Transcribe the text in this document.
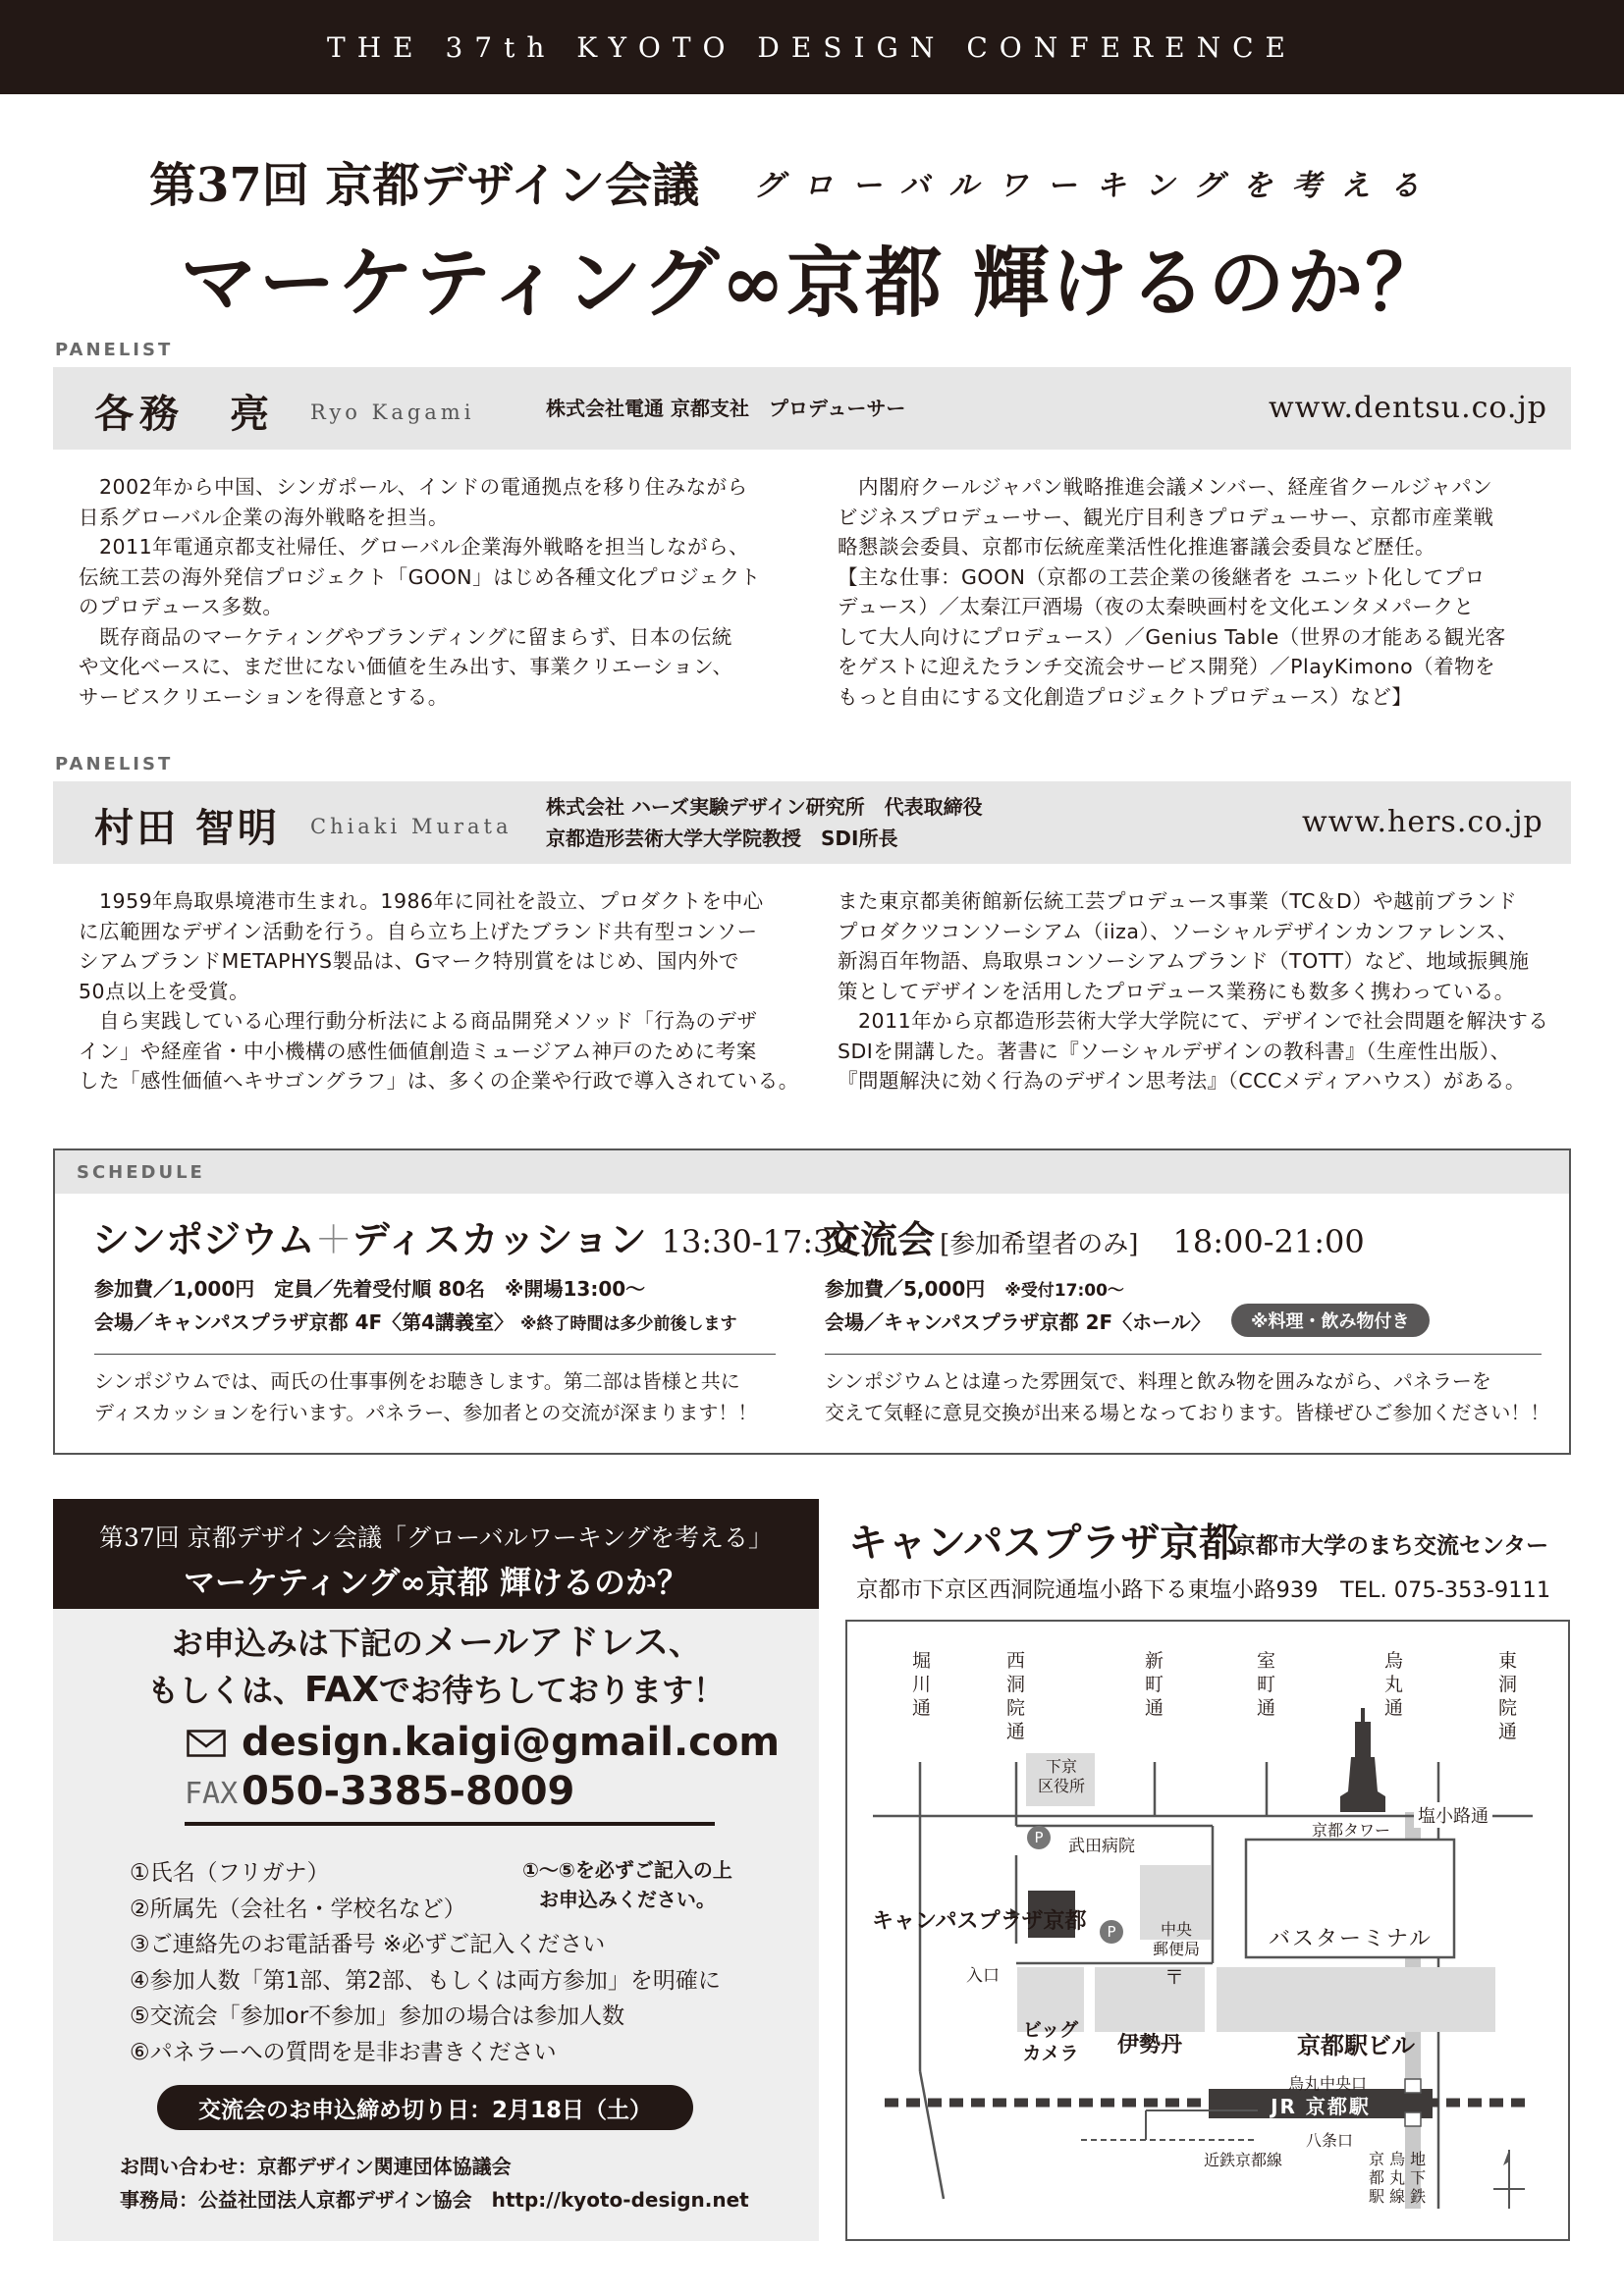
THE 37th KYOTO DESIGN CONFERENCE
第37回 京都デザイン会議 グローバルワーキングを考える
マーケティング∞京都 輝けるのか？
PANELIST
各務　亮 Ryo Kagami	株式会社電通 京都支社　プロデューサー	www.dentsu.co.jp
　2002年から中国、シンガポール、インドの電通拠点を移り住みながら
日系グローバル企業の海外戦略を担当。
　2011年電通京都支社帰任、グローバル企業海外戦略を担当しながら、
伝統工芸の海外発信プロジェクト「GOON」はじめ各種文化プロジェクト
のプロデュース多数。
　既存商品のマーケティングやブランディングに留まらず、日本の伝統
や文化ベースに、まだ世にない価値を生み出す、事業クリエーション、
サービスクリエーションを得意とする。
　内閣府クールジャパン戦略推進会議メンバー、経産省クールジャパン
ビジネスプロデューサー、観光庁目利きプロデューサー、京都市産業戦
略懇談会委員、京都市伝統産業活性化推進審議会委員など歴任。
【主な仕事：GOON（京都の工芸企業の後継者を ユニット化してプロ
デュース）／太秦江戸酒場（夜の太秦映画村を文化エンタメパークと
して大人向けにプロデュース）／Genius Table（世界の才能ある観光客
をゲストに迎えたランチ交流会サービス開発）／PlayKimono（着物を
もっと自由にする文化創造プロジェクトプロデュース）など】
PANELIST
村田 智明 Chiaki Murata
株式会社 ハーズ実験デザイン研究所　代表取締役
京都造形芸術大学大学院教授　SDI所長	www.hers.co.jp
　1959年鳥取県境港市生まれ。1986年に同社を設立、プロダクトを中心
に広範囲なデザイン活動を行う。自ら立ち上げたブランド共有型コンソー
シアムブランドMETAPHYS製品は、Gマーク特別賞をはじめ、国内外で
50点以上を受賞。
　自ら実践している心理行動分析法による商品開発メソッド「行為のデザ
イン」や経産省・中小機構の感性価値創造ミュージアム神戸のために考案
した「感性価値へキサゴングラフ」は、多くの企業や行政で導入されている。
また東京都美術館新伝統工芸プロデュース事業（TC＆D）や越前ブランド
プロダクツコンソーシアム（iiza）、ソーシャルデザインカンファレンス、
新潟百年物語、鳥取県コンソーシアムブランド（TOTT）など、地域振興施
策としてデザインを活用したプロデュース業務にも数多く携わっている。
　2011年から京都造形芸術大学大学院にて、デザインで社会問題を解決する
SDIを開講した。著書に『ソーシャルデザインの教科書』（生産性出版）、
『問題解決に効く行為のデザイン思考法』（CCCメディアハウス）がある。
SCHEDULE
シンポジウム＋ディスカッション 13:30-17:30
参加費／1,000円　定員／先着受付順 80名　※開場13:00～
会場／キャンパスプラザ京都 4F〈第4講義室〉 ※終了時間は多少前後します
シンポジウムでは、両氏の仕事事例をお聴きします。第二部は皆様と共に
ディスカッションを行います。パネラー、参加者との交流が深まります！！
交流会 [参加希望者のみ] 18:00-21:00
参加費／5,000円　 ※受付17:00～
会場／キャンパスプラザ京都 2F〈ホール〉	※料理・飲み物付き
シンポジウムとは違った雰囲気で、料理と飲み物を囲みながら、パネラーを
交えて気軽に意見交換が出来る場となっております。皆様ぜひご参加ください！！
第37回 京都デザイン会議「グローバルワーキングを考える」
マーケティング∞京都 輝けるのか？
お申込みは下記のメールアドレス、
もしくは、FAXでお待ちしております！
design.kaigi@gmail.com
FAX 050-3385-8009
①氏名（フリガナ）
②所属先（会社名・学校名など）
③ご連絡先のお電話番号 ※必ずご記入ください
④参加人数「第1部、第2部、もしくは両方参加」を明確に
⑤交流会「参加or不参加」参加の場合は参加人数
⑥パネラーへの質問を是非お書きください
①～⑤を必ずご記入の上
お申込みください。
交流会のお申込締め切り日：2月18日（土）
お問い合わせ：京都デザイン関連団体協議会
事務局：公益社団法人京都デザイン協会　http://kyoto-design.net
キャンパスプラザ京都
京都市大学のまち交流センター
京都市下京区西洞院通塩小路下る東塩小路939　TEL. 075-353-9111
堀
川
通
西
洞
院
通
新
町
通
室
町
通
烏
丸
通
東
洞
院
通
下京
区役所
塩小路通
京都タワー
P	武田病院
キャンパスプラザ京都	P
入口
中央
郵便局
〒
バスターミナル
ビッグ
カメラ	伊勢丹	京都駅ビル
烏丸中央口
JR 京都駅
八条口
近鉄京都線	京 烏 地
都 丸 下
駅 線 鉄
